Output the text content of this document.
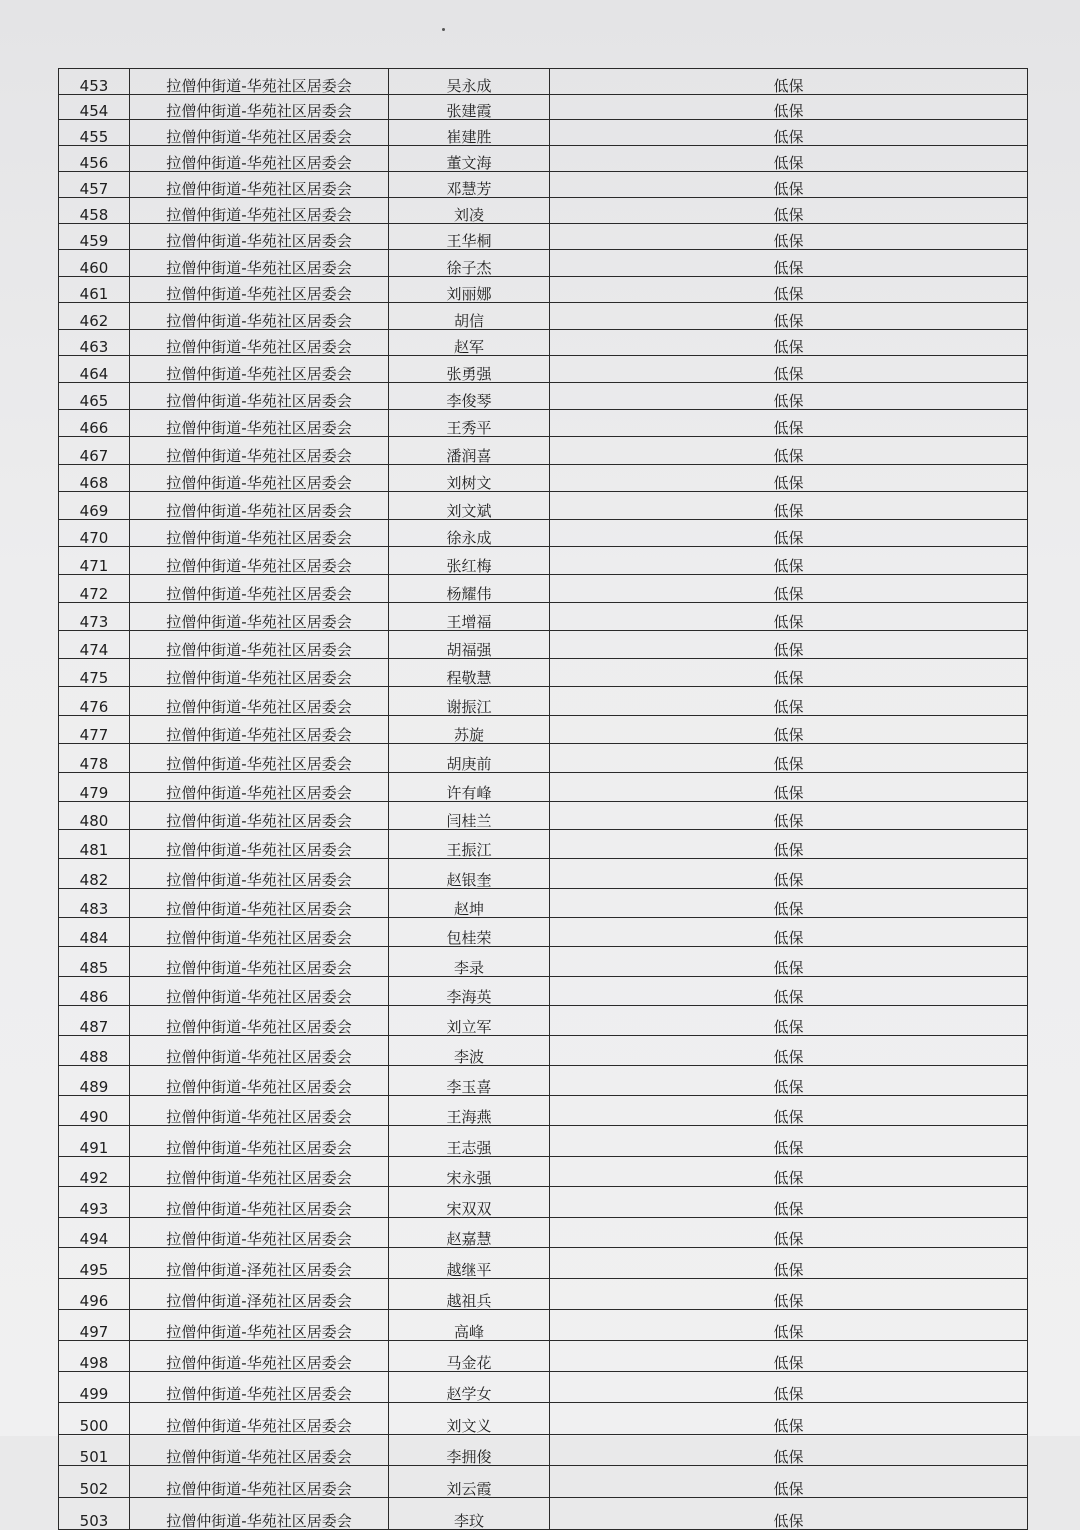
453	拉僧仲街道-华苑社区居委会	吴永成	低保
454	拉僧仲街道-华苑社区居委会	张建霞	低保
455	拉僧仲街道-华苑社区居委会	崔建胜	低保
456	拉僧仲街道-华苑社区居委会	董文海	低保
457	拉僧仲街道-华苑社区居委会	邓慧芳	低保
458	拉僧仲街道-华苑社区居委会	刘凌	低保
459	拉僧仲街道-华苑社区居委会	王华桐	低保
460	拉僧仲街道-华苑社区居委会	徐子杰	低保
461	拉僧仲街道-华苑社区居委会	刘丽娜	低保
462	拉僧仲街道-华苑社区居委会	胡信	低保
463	拉僧仲街道-华苑社区居委会	赵军	低保
464	拉僧仲街道-华苑社区居委会	张勇强	低保
465	拉僧仲街道-华苑社区居委会	李俊琴	低保
466	拉僧仲街道-华苑社区居委会	王秀平	低保
467	拉僧仲街道-华苑社区居委会	潘润喜	低保
468	拉僧仲街道-华苑社区居委会	刘树文	低保
469	拉僧仲街道-华苑社区居委会	刘文斌	低保
470	拉僧仲街道-华苑社区居委会	徐永成	低保
471	拉僧仲街道-华苑社区居委会	张红梅	低保
472	拉僧仲街道-华苑社区居委会	杨耀伟	低保
473	拉僧仲街道-华苑社区居委会	王增福	低保
474	拉僧仲街道-华苑社区居委会	胡福强	低保
475	拉僧仲街道-华苑社区居委会	程敬慧	低保
476	拉僧仲街道-华苑社区居委会	谢振江	低保
477	拉僧仲街道-华苑社区居委会	苏旋	低保
478	拉僧仲街道-华苑社区居委会	胡庚前	低保
479	拉僧仲街道-华苑社区居委会	许有峰	低保
480	拉僧仲街道-华苑社区居委会	闫桂兰	低保
481	拉僧仲街道-华苑社区居委会	王振江	低保
482	拉僧仲街道-华苑社区居委会	赵银奎	低保
483	拉僧仲街道-华苑社区居委会	赵坤	低保
484	拉僧仲街道-华苑社区居委会	包桂荣	低保
485	拉僧仲街道-华苑社区居委会	李录	低保
486	拉僧仲街道-华苑社区居委会	李海英	低保
487	拉僧仲街道-华苑社区居委会	刘立军	低保
488	拉僧仲街道-华苑社区居委会	李波	低保
489	拉僧仲街道-华苑社区居委会	李玉喜	低保
490	拉僧仲街道-华苑社区居委会	王海燕	低保
491	拉僧仲街道-华苑社区居委会	王志强	低保
492	拉僧仲街道-华苑社区居委会	宋永强	低保
493	拉僧仲街道-华苑社区居委会	宋双双	低保
494	拉僧仲街道-华苑社区居委会	赵嘉慧	低保
495	拉僧仲街道-泽苑社区居委会	越继平	低保
496	拉僧仲街道-泽苑社区居委会	越祖兵	低保
497	拉僧仲街道-华苑社区居委会	高峰	低保
498	拉僧仲街道-华苑社区居委会	马金花	低保
499	拉僧仲街道-华苑社区居委会	赵学女	低保
500	拉僧仲街道-华苑社区居委会	刘文义	低保
501	拉僧仲街道-华苑社区居委会	李拥俊	低保
502	拉僧仲街道-华苑社区居委会	刘云霞	低保
503	拉僧仲街道-华苑社区居委会	李玟	低保
